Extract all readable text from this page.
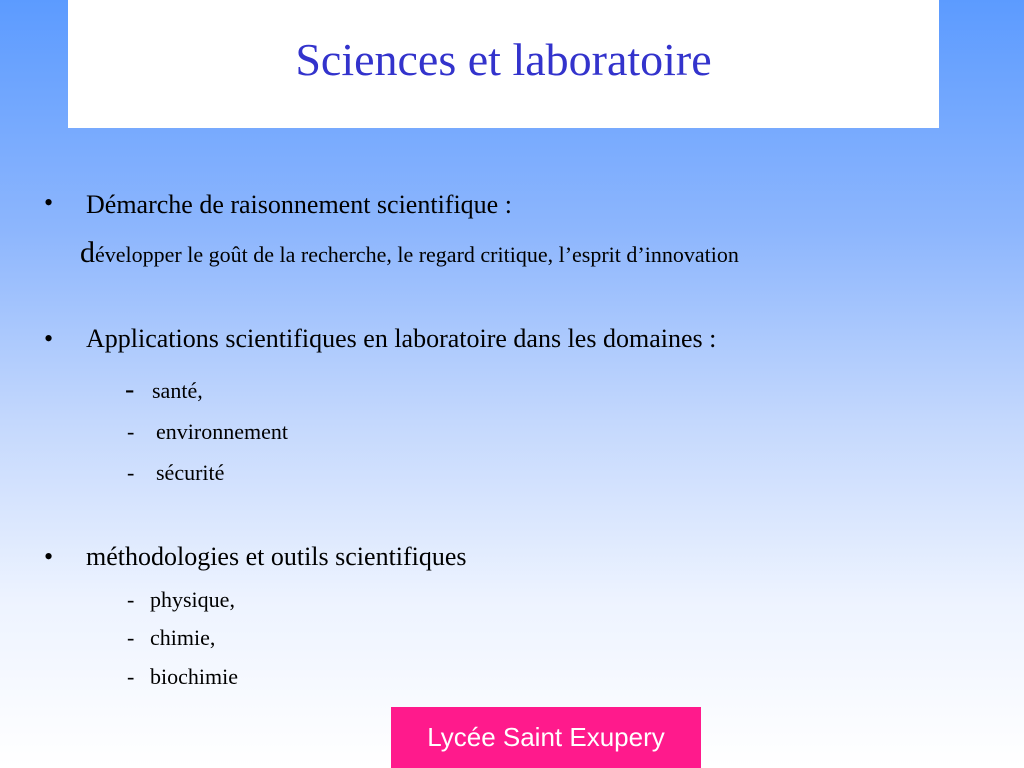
Sciences et laboratoire
• Démarche de raisonnement scientifique :
développer le goût de la recherche, le regard critique, l’esprit d’innovation
• Applications scientifiques en laboratoire dans les domaines :
- santé,
- environnement
- sécurité
• méthodologies et outils scientifiques
- physique,
- chimie,
- biochimie
Lycée Saint Exupery
